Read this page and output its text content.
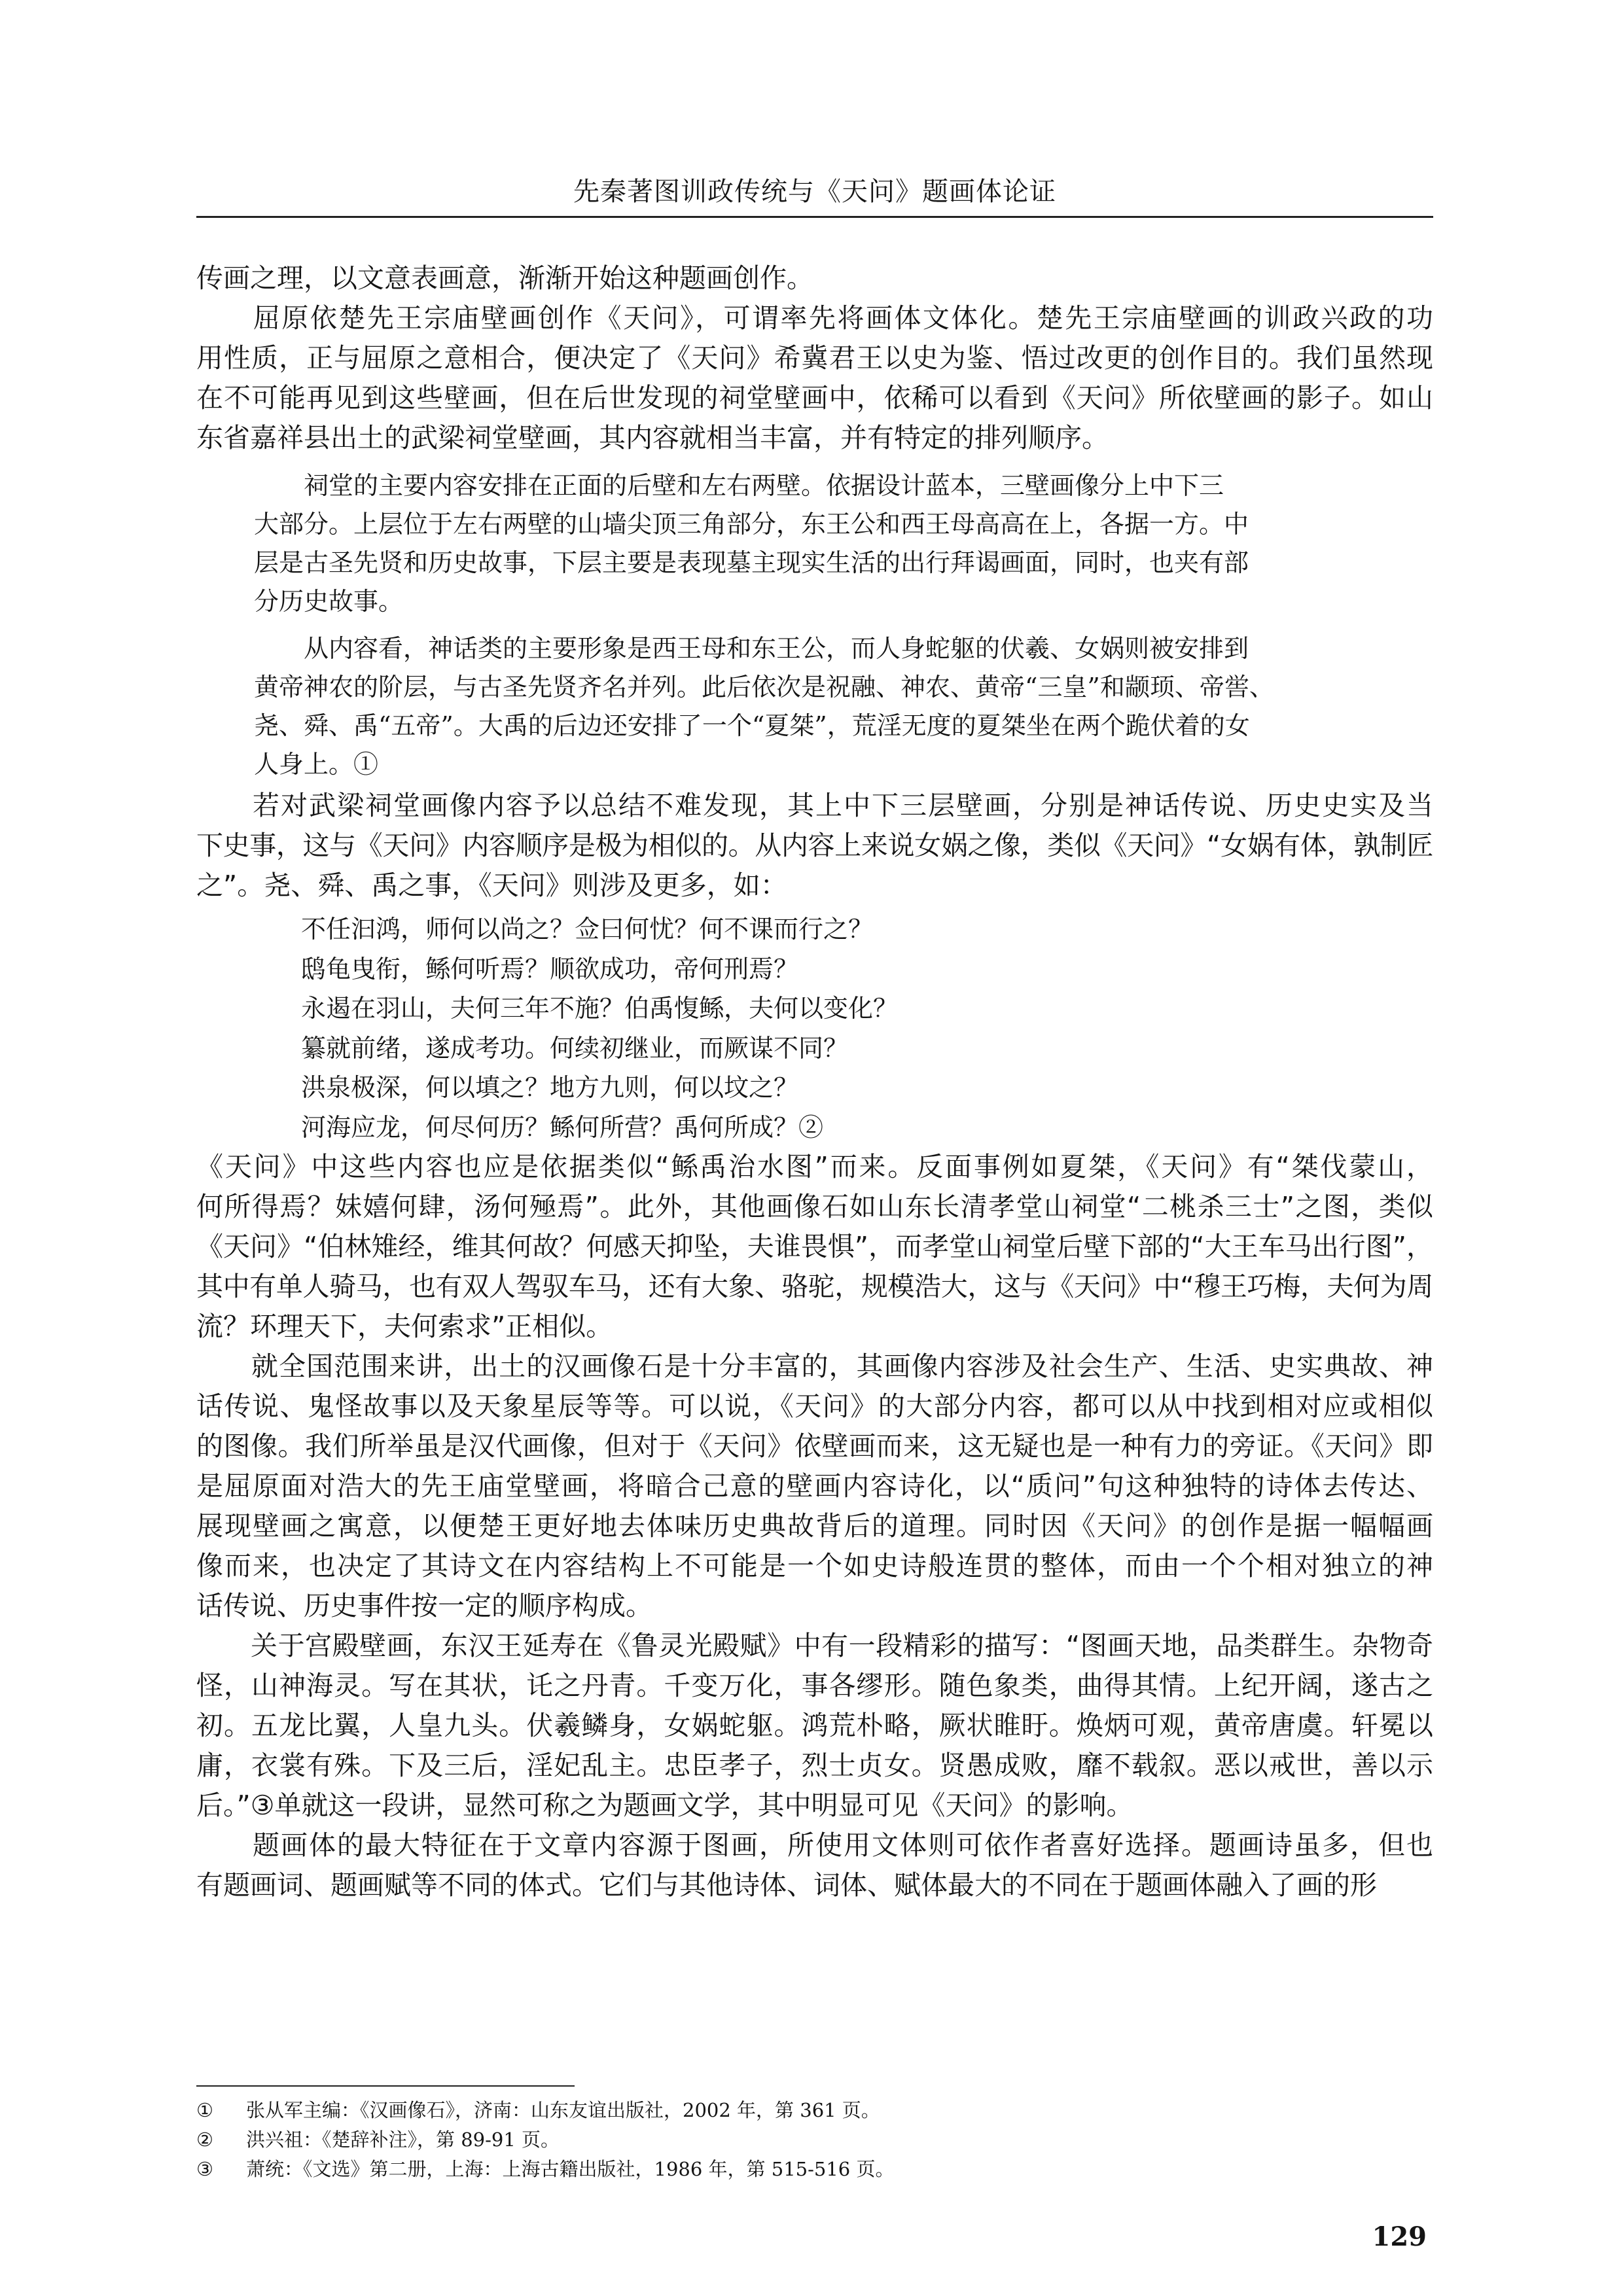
先秦著图训政传统与《天问》题画体论证
传画之理，以文意表画意，渐渐开始这种题画创作。
　　屈原依楚先王宗庙壁画创作《天问》，可谓率先将画体文体化。楚先王宗庙壁画的训政兴政的功
用性质，正与屈原之意相合，便决定了《天问》希冀君王以史为鉴、悟过改更的创作目的。我们虽然现
在不可能再见到这些壁画，但在后世发现的祠堂壁画中，依稀可以看到《天问》所依壁画的影子。如山
东省嘉祥县出土的武梁祠堂壁画，其内容就相当丰富，并有特定的排列顺序。
　　祠堂的主要内容安排在正面的后壁和左右两壁。依据设计蓝本，三壁画像分上中下三
大部分。上层位于左右两壁的山墙尖顶三角部分，东王公和西王母高高在上，各据一方。中
层是古圣先贤和历史故事，下层主要是表现墓主现实生活的出行拜谒画面，同时，也夹有部
分历史故事。
　　从内容看，神话类的主要形象是西王母和东王公，而人身蛇躯的伏羲、女娲则被安排到
黄帝神农的阶层，与古圣先贤齐名并列。此后依次是祝融、神农、黄帝“三皇”和颛顼、帝喾、
尧、舜、禹“五帝”。大禹的后边还安排了一个“夏桀”，荒淫无度的夏桀坐在两个跪伏着的女
人身上。①
　　若对武梁祠堂画像内容予以总结不难发现，其上中下三层壁画，分别是神话传说、历史史实及当
下史事，这与《天问》内容顺序是极为相似的。从内容上来说女娲之像，类似《天问》“女娲有体，孰制匠
之”。尧、舜、禹之事，《天问》则涉及更多，如：
不任汩鸿，师何以尚之？佥曰何忧？何不课而行之？
鸱龟曳衔，鲧何听焉？顺欲成功，帝何刑焉？
永遏在羽山，夫何三年不施？伯禹愎鲧，夫何以变化？
纂就前绪，遂成考功。何续初继业，而厥谋不同？
洪泉极深，何以填之？地方九则，何以坟之？
河海应龙，何尽何历？鲧何所营？禹何所成？②
《天问》中这些内容也应是依据类似“鲧禹治水图”而来。反面事例如夏桀，《天问》有“桀伐蒙山，
何所得焉？妹嬉何肆，汤何殛焉”。此外，其他画像石如山东长清孝堂山祠堂“二桃杀三士”之图，类似
《天问》“伯林雉经，维其何故？何感天抑坠，夫谁畏惧”，而孝堂山祠堂后壁下部的“大王车马出行图”，
其中有单人骑马，也有双人驾驭车马，还有大象、骆驼，规模浩大，这与《天问》中“穆王巧梅，夫何为周
流？环理天下，夫何索求”正相似。
　　就全国范围来讲，出土的汉画像石是十分丰富的，其画像内容涉及社会生产、生活、史实典故、神
话传说、鬼怪故事以及天象星辰等等。可以说，《天问》的大部分内容，都可以从中找到相对应或相似
的图像。我们所举虽是汉代画像，但对于《天问》依壁画而来，这无疑也是一种有力的旁证。《天问》即
是屈原面对浩大的先王庙堂壁画，将暗合己意的壁画内容诗化，以“质问”句这种独特的诗体去传达、
展现壁画之寓意，以便楚王更好地去体味历史典故背后的道理。同时因《天问》的创作是据一幅幅画
像而来，也决定了其诗文在内容结构上不可能是一个如史诗般连贯的整体，而由一个个相对独立的神
话传说、历史事件按一定的顺序构成。
　　关于宫殿壁画，东汉王延寿在《鲁灵光殿赋》中有一段精彩的描写：“图画天地，品类群生。杂物奇
怪，山神海灵。写在其状，讬之丹青。千变万化，事各缪形。随色象类，曲得其情。上纪开阔，遂古之
初。五龙比翼，人皇九头。伏羲鳞身，女娲蛇躯。鸿荒朴略，厥状睢盱。焕炳可观，黄帝唐虞。轩冕以
庸，衣裳有殊。下及三后，淫妃乱主。忠臣孝子，烈士贞女。贤愚成败，靡不载叙。恶以戒世，善以示
后。”③单就这一段讲，显然可称之为题画文学，其中明显可见《天问》的影响。
　　题画体的最大特征在于文章内容源于图画，所使用文体则可依作者喜好选择。题画诗虽多，但也
有题画词、题画赋等不同的体式。它们与其他诗体、词体、赋体最大的不同在于题画体融入了画的形
① 张从军主编：《汉画像石》，济南：山东友谊出版社，2002 年，第 361 页。
② 洪兴祖：《楚辞补注》，第 89-91 页。
③ 萧统：《文选》第二册，上海：上海古籍出版社，1986 年，第 515-516 页。
129
